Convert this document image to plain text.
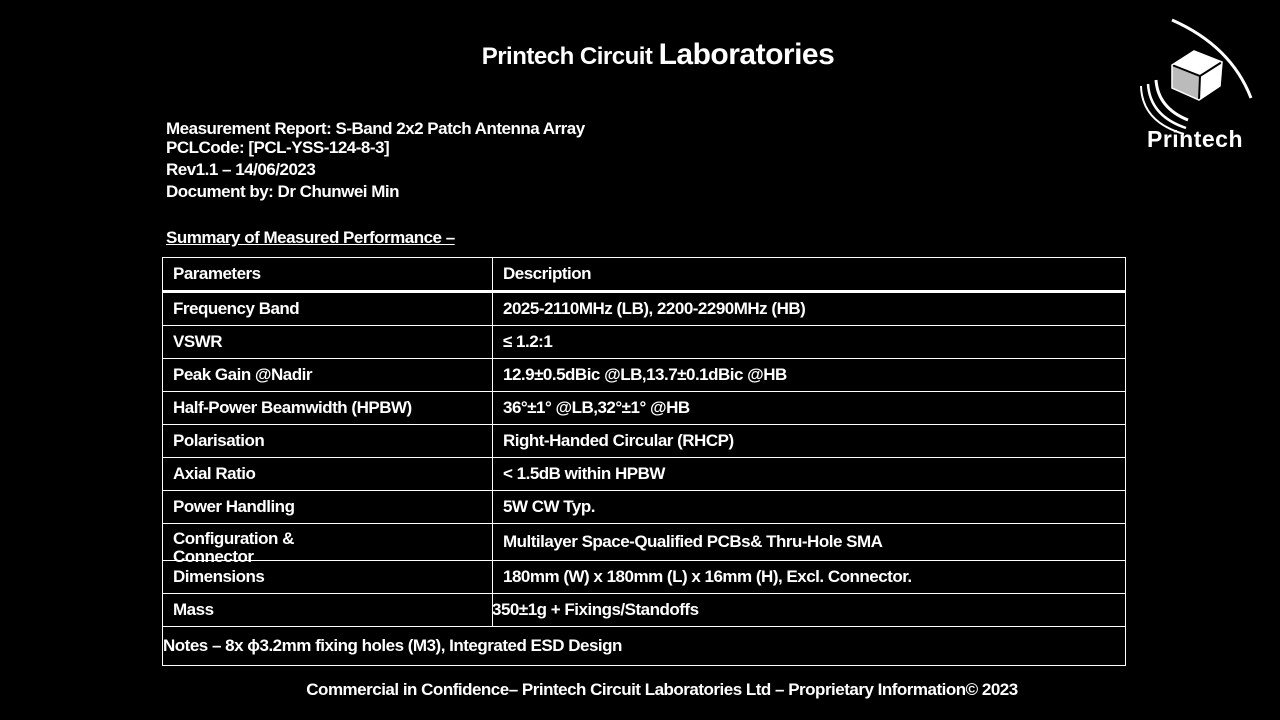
Printech Circuit Laboratories
Printech
Measurement Report: S-Band 2x2 Patch Antenna Array
PCLCode: [PCL-YSS-124-8-3]
Rev1.1 – 14/06/2023
Document by: Dr Chunwei Min
Summary of Measured Performance –
Parameters	Description
Frequency Band	2025-2110MHz (LB), 2200-2290MHz (HB)
VSWR	≤ 1.2:1
Peak Gain @Nadir	12.9±0.5dBic @LB,13.7±0.1dBic @HB
Half-Power Beamwidth (HPBW)	36°±1° @LB,32°±1° @HB
Polarisation	Right-Handed Circular (RHCP)
Axial Ratio	< 1.5dB within HPBW
Power Handling	5W CW Typ.

Configuration & Connector	Multilayer Space-Qualified PCBs& Thru-Hole SMA
Dimensions	180mm (W) x 180mm (L) x 16mm (H), Excl. Connector.
Mass	350±1g + Fixings/Standoffs
Notes – 8x ϕ3.2mm fixing holes (M3), Integrated ESD Design	
Commercial in Confidence– Printech Circuit Laboratories Ltd – Proprietary Information© 2023
